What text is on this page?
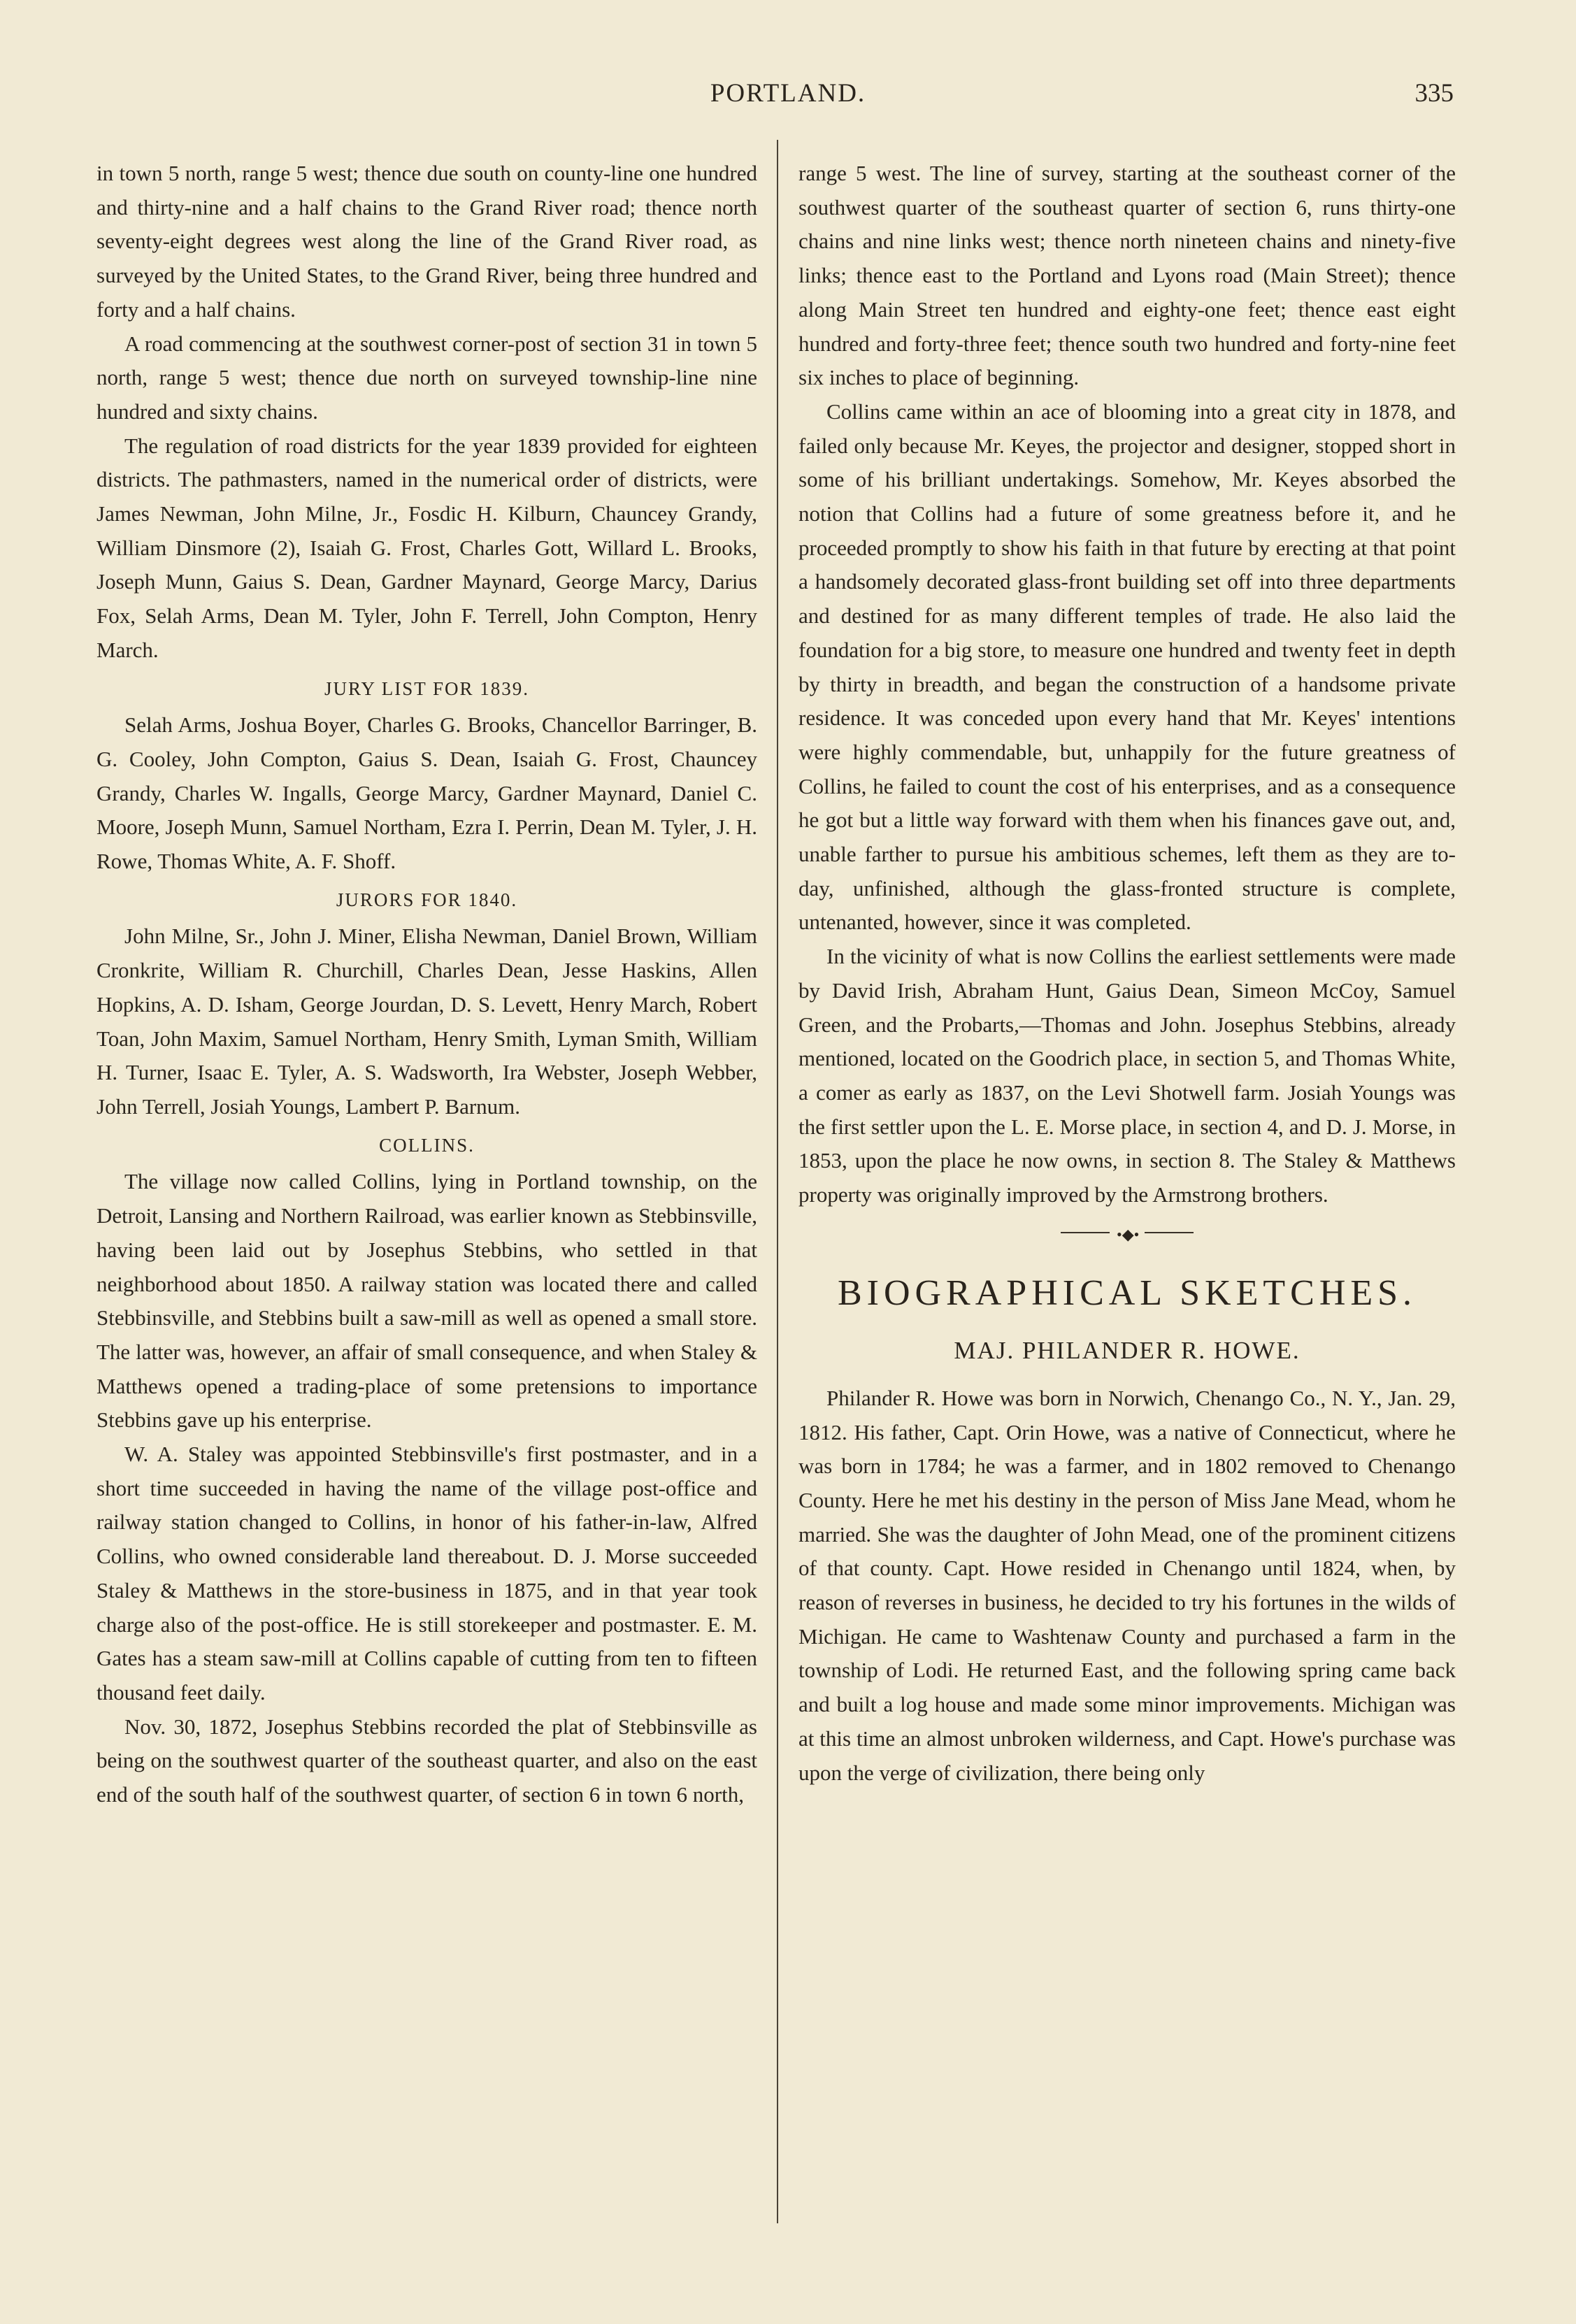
PORTLAND.	335

in town 5 north, range 5 west; thence due south on county-line one hundred and thirty-nine and a half chains to the Grand River road; thence north seventy-eight degrees west along the line of the Grand River road, as surveyed by the United States, to the Grand River, being three hundred and forty and a half chains.

A road commencing at the southwest corner-post of section 31 in town 5 north, range 5 west; thence due north on surveyed township-line nine hundred and sixty chains.

The regulation of road districts for the year 1839 provided for eighteen districts. The pathmasters, named in the numerical order of districts, were James Newman, John Milne, Jr., Fosdic H. Kilburn, Chauncey Grandy, William Dinsmore (2), Isaiah G. Frost, Charles Gott, Willard L. Brooks, Joseph Munn, Gaius S. Dean, Gardner Maynard, George Marcy, Darius Fox, Selah Arms, Dean M. Tyler, John F. Terrell, John Compton, Henry March.

JURY LIST FOR 1839.

Selah Arms, Joshua Boyer, Charles G. Brooks, Chancellor Barringer, B. G. Cooley, John Compton, Gaius S. Dean, Isaiah G. Frost, Chauncey Grandy, Charles W. Ingalls, George Marcy, Gardner Maynard, Daniel C. Moore, Joseph Munn, Samuel Northam, Ezra I. Perrin, Dean M. Tyler, J. H. Rowe, Thomas White, A. F. Shoff.

JURORS FOR 1840.

John Milne, Sr., John J. Miner, Elisha Newman, Daniel Brown, William Cronkrite, William R. Churchill, Charles Dean, Jesse Haskins, Allen Hopkins, A. D. Isham, George Jourdan, D. S. Levett, Henry March, Robert Toan, John Maxim, Samuel Northam, Henry Smith, Lyman Smith, William H. Turner, Isaac E. Tyler, A. S. Wadsworth, Ira Webster, Joseph Webber, John Terrell, Josiah Youngs, Lambert P. Barnum.

COLLINS.

The village now called Collins, lying in Portland township, on the Detroit, Lansing and Northern Railroad, was earlier known as Stebbinsville, having been laid out by Josephus Stebbins, who settled in that neighborhood about 1850. A railway station was located there and called Stebbinsville, and Stebbins built a saw-mill as well as opened a small store. The latter was, however, an affair of small consequence, and when Staley & Matthews opened a trading-place of some pretensions to importance Stebbins gave up his enterprise.

W. A. Staley was appointed Stebbinsville's first postmaster, and in a short time succeeded in having the name of the village post-office and railway station changed to Collins, in honor of his father-in-law, Alfred Collins, who owned considerable land thereabout. D. J. Morse succeeded Staley & Matthews in the store-business in 1875, and in that year took charge also of the post-office. He is still storekeeper and postmaster. E. M. Gates has a steam saw-mill at Collins capable of cutting from ten to fifteen thousand feet daily.

Nov. 30, 1872, Josephus Stebbins recorded the plat of Stebbinsville as being on the southwest quarter of the southeast quarter, and also on the east end of the south half of the southwest quarter, of section 6 in town 6 north,

range 5 west. The line of survey, starting at the southeast corner of the southwest quarter of the southeast quarter of section 6, runs thirty-one chains and nine links west; thence north nineteen chains and ninety-five links; thence east to the Portland and Lyons road (Main Street); thence along Main Street ten hundred and eighty-one feet; thence east eight hundred and forty-three feet; thence south two hundred and forty-nine feet six inches to place of beginning.

Collins came within an ace of blooming into a great city in 1878, and failed only because Mr. Keyes, the projector and designer, stopped short in some of his brilliant undertakings. Somehow, Mr. Keyes absorbed the notion that Collins had a future of some greatness before it, and he proceeded promptly to show his faith in that future by erecting at that point a handsomely decorated glass-front building set off into three departments and destined for as many different temples of trade. He also laid the foundation for a big store, to measure one hundred and twenty feet in depth by thirty in breadth, and began the construction of a handsome private residence. It was conceded upon every hand that Mr. Keyes' intentions were highly commendable, but, unhappily for the future greatness of Collins, he failed to count the cost of his enterprises, and as a consequence he got but a little way forward with them when his finances gave out, and, unable farther to pursue his ambitious schemes, left them as they are to-day, unfinished, although the glass-fronted structure is complete, untenanted, however, since it was completed.

In the vicinity of what is now Collins the earliest settlements were made by David Irish, Abraham Hunt, Gaius Dean, Simeon McCoy, Samuel Green, and the Probarts,—Thomas and John. Josephus Stebbins, already mentioned, located on the Goodrich place, in section 5, and Thomas White, a comer as early as 1837, on the Levi Shotwell farm. Josiah Youngs was the first settler upon the L. E. Morse place, in section 4, and D. J. Morse, in 1853, upon the place he now owns, in section 8. The Staley & Matthews property was originally improved by the Armstrong brothers.

•◆•
BIOGRAPHICAL SKETCHES.
MAJ. PHILANDER R. HOWE.

Philander R. Howe was born in Norwich, Chenango Co., N. Y., Jan. 29, 1812. His father, Capt. Orin Howe, was a native of Connecticut, where he was born in 1784; he was a farmer, and in 1802 removed to Chenango County. Here he met his destiny in the person of Miss Jane Mead, whom he married. She was the daughter of John Mead, one of the prominent citizens of that county. Capt. Howe resided in Chenango until 1824, when, by reason of reverses in business, he decided to try his fortunes in the wilds of Michigan. He came to Washtenaw County and purchased a farm in the township of Lodi. He returned East, and the following spring came back and built a log house and made some minor improvements. Michigan was at this time an almost unbroken wilderness, and Capt. Howe's purchase was upon the verge of civilization, there being only
